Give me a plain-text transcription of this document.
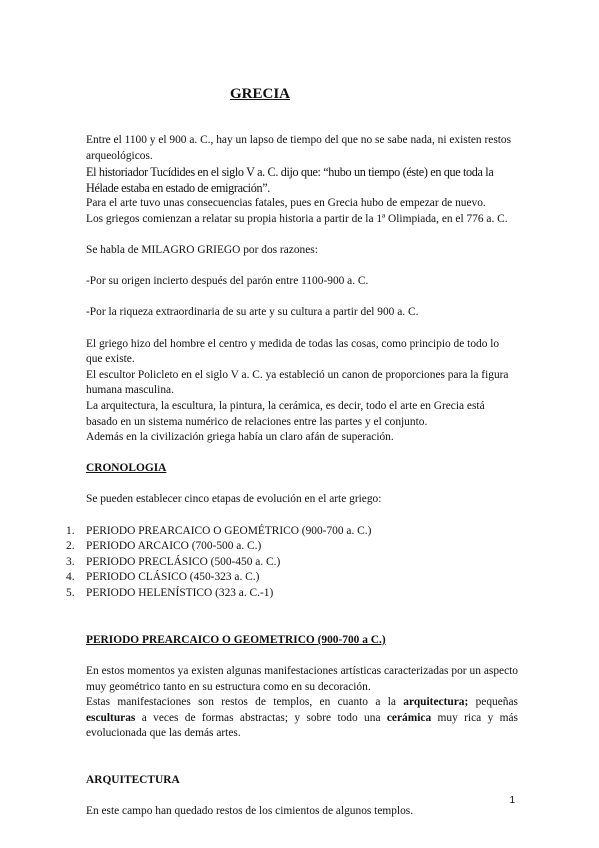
GRECIA

Entre el 1100 y el 900 a. C., hay un lapso de tiempo del que no se sabe nada, ni existen restos arqueológicos.

El historiador Tucídides en el siglo V a. C. dijo que: “hubo un tiempo (éste) en que toda la Hélade estaba en estado de emigración”.

Para el arte tuvo unas consecuencias fatales, pues en Grecia hubo de empezar de nuevo.

Los griegos comienzan a relatar su propia historia a partir de la 1ª Olimpiada, en el 776 a. C.

Se habla de MILAGRO GRIEGO por dos razones:

-Por su origen incierto después del parón entre 1100-900 a. C.

-Por la riqueza extraordinaria de su arte y su cultura a partir del 900 a. C.

El griego hizo del hombre el centro y medida de todas las cosas, como principio de todo lo que existe.

El escultor Policleto en el siglo V a. C. ya estableció un canon de proporciones para la figura humana masculina.

La arquitectura, la escultura, la pintura, la cerámica, es decir, todo el arte en Grecia está basado en un sistema numérico de relaciones entre las partes y el conjunto.

Además en la civilización griega había un claro afán de superación.

CRONOLOGIA

Se pueden establecer cinco etapas de evolución en el arte griego:

1.	PERIODO PREARCAICO O GEOMÉTRICO (900-700 a. C.)
2.	PERIODO ARCAICO (700-500 a. C.)
3.	PERIODO PRECLÁSICO (500-450 a. C.)
4.	PERIODO CLÁSICO (450-323 a. C.)
5.	PERIODO HELENÍSTICO (323 a. C.-1)

PERIODO PREARCAICO O GEOMETRICO (900-700 a C.)

En estos momentos ya existen algunas manifestaciones artísticas caracterizadas por un aspecto muy geométrico tanto en su estructura como en su decoración.

Estas manifestaciones son restos de templos, en cuanto a la arquitectura; pequeñas esculturas a veces de formas abstractas; y sobre todo una cerámica muy rica y más evolucionada que las demás artes.

ARQUITECTURA

En este campo han quedado restos de los cimientos de algunos templos.

1
